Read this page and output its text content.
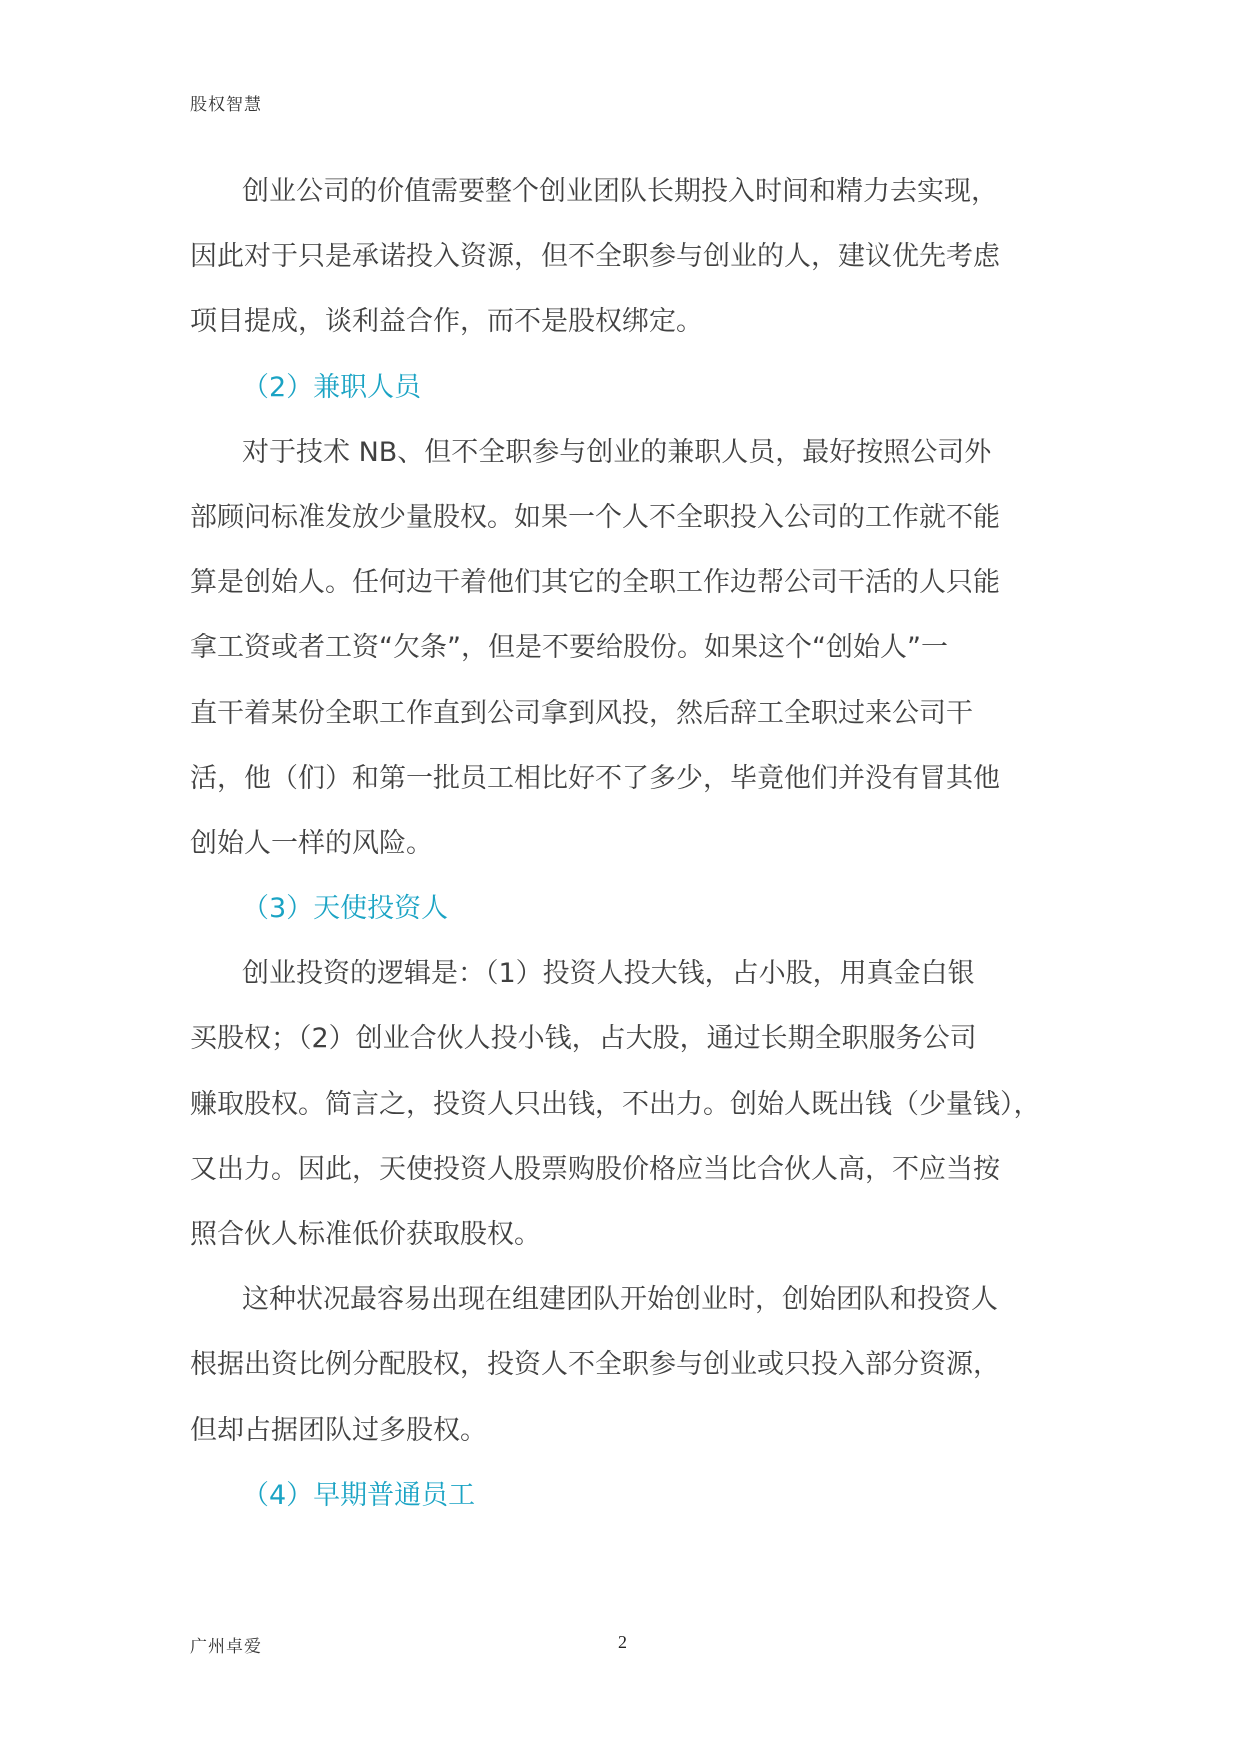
股权智慧
创业公司的价值需要整个创业团队长期投入时间和精力去实现，
因此对于只是承诺投入资源，但不全职参与创业的人，建议优先考虑
项目提成，谈利益合作，而不是股权绑定。
（2）兼职人员
对于技术 NB、但不全职参与创业的兼职人员，最好按照公司外
部顾问标准发放少量股权。如果一个人不全职投入公司的工作就不能
算是创始人。任何边干着他们其它的全职工作边帮公司干活的人只能
拿工资或者工资“欠条”，但是不要给股份。如果这个“创始人”一
直干着某份全职工作直到公司拿到风投，然后辞工全职过来公司干
活，他（们）和第一批员工相比好不了多少，毕竟他们并没有冒其他
创始人一样的风险。
（3）天使投资人
创业投资的逻辑是：（1）投资人投大钱，占小股，用真金白银
买股权；（2）创业合伙人投小钱，占大股，通过长期全职服务公司
赚取股权。简言之，投资人只出钱，不出力。创始人既出钱（少量钱），
又出力。因此，天使投资人股票购股价格应当比合伙人高，不应当按
照合伙人标准低价获取股权。
这种状况最容易出现在组建团队开始创业时，创始团队和投资人
根据出资比例分配股权，投资人不全职参与创业或只投入部分资源，
但却占据团队过多股权。
（4）早期普通员工
广州卓爱	2
